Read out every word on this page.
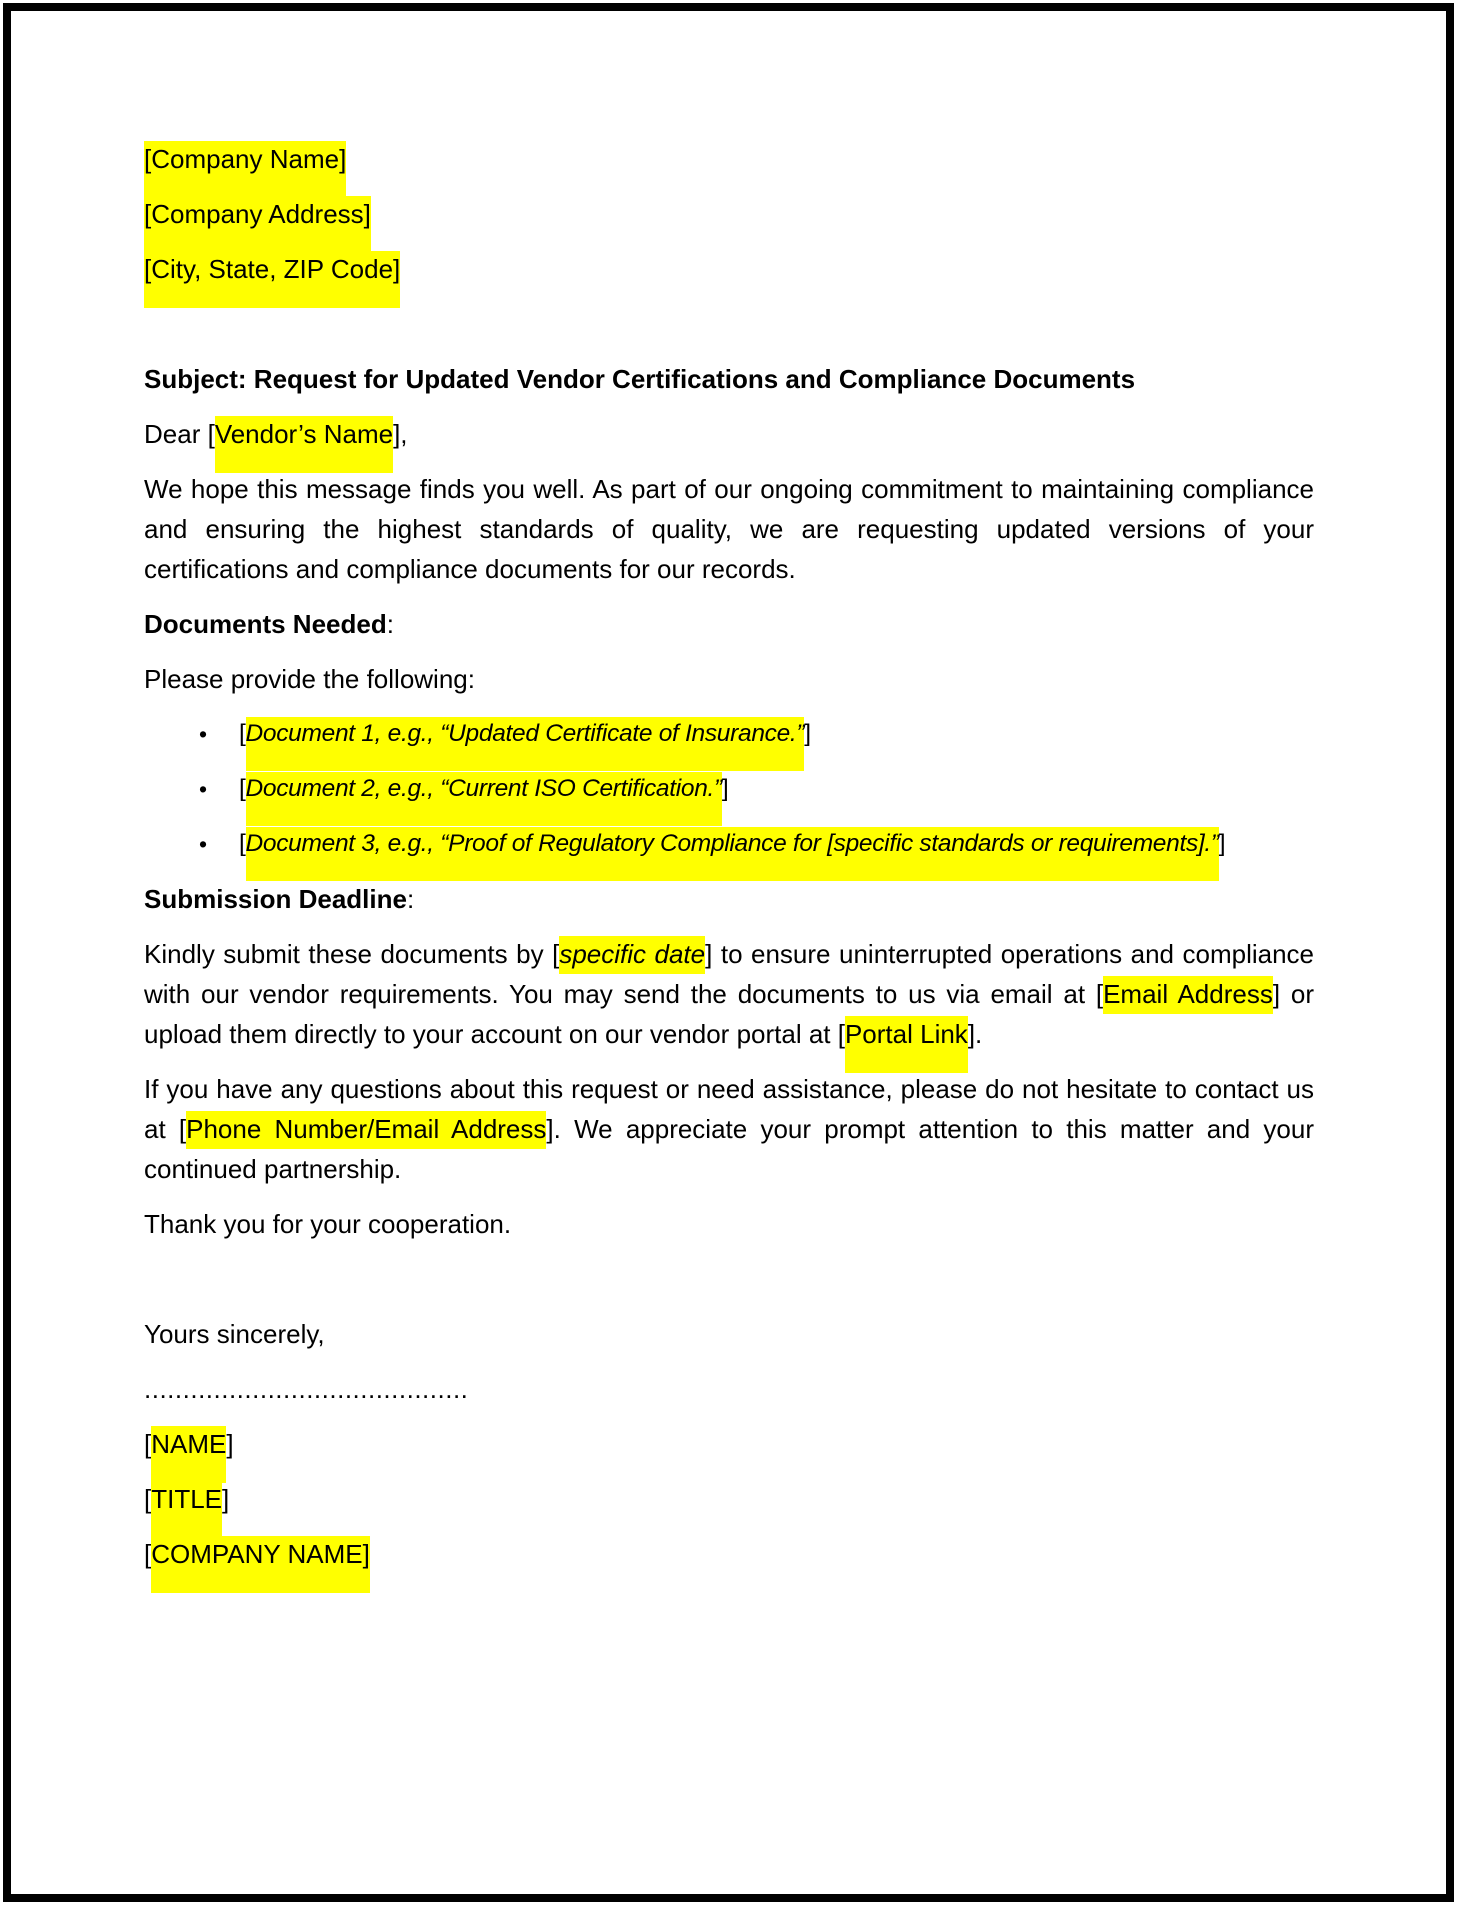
[Company Name]

[Company Address]

[City, State, ZIP Code]

Subject: Request for Updated Vendor Certifications and Compliance Documents

Dear [Vendor’s Name],

We hope this message finds you well. As part of our ongoing commitment to maintaining compliance and ensuring the highest standards of quality, we are requesting updated versions of your certifications and compliance documents for our records.

Documents Needed:

Please provide the following:

• [Document 1, e.g., “Updated Certificate of Insurance.”]
• [Document 2, e.g., “Current ISO Certification.”]
• [Document 3, e.g., “Proof of Regulatory Compliance for [specific standards or requirements].”]

Submission Deadline:

Kindly submit these documents by [specific date] to ensure uninterrupted operations and compliance with our vendor requirements. You may send the documents to us via email at [Email Address] or upload them directly to your account on our vendor portal at [Portal Link].

If you have any questions about this request or need assistance, please do not hesitate to contact us at [Phone Number/Email Address]. We appreciate your prompt attention to this matter and your continued partnership.

Thank you for your cooperation.

Yours sincerely,

..........................................

[NAME]

[TITLE]

[COMPANY NAME]
